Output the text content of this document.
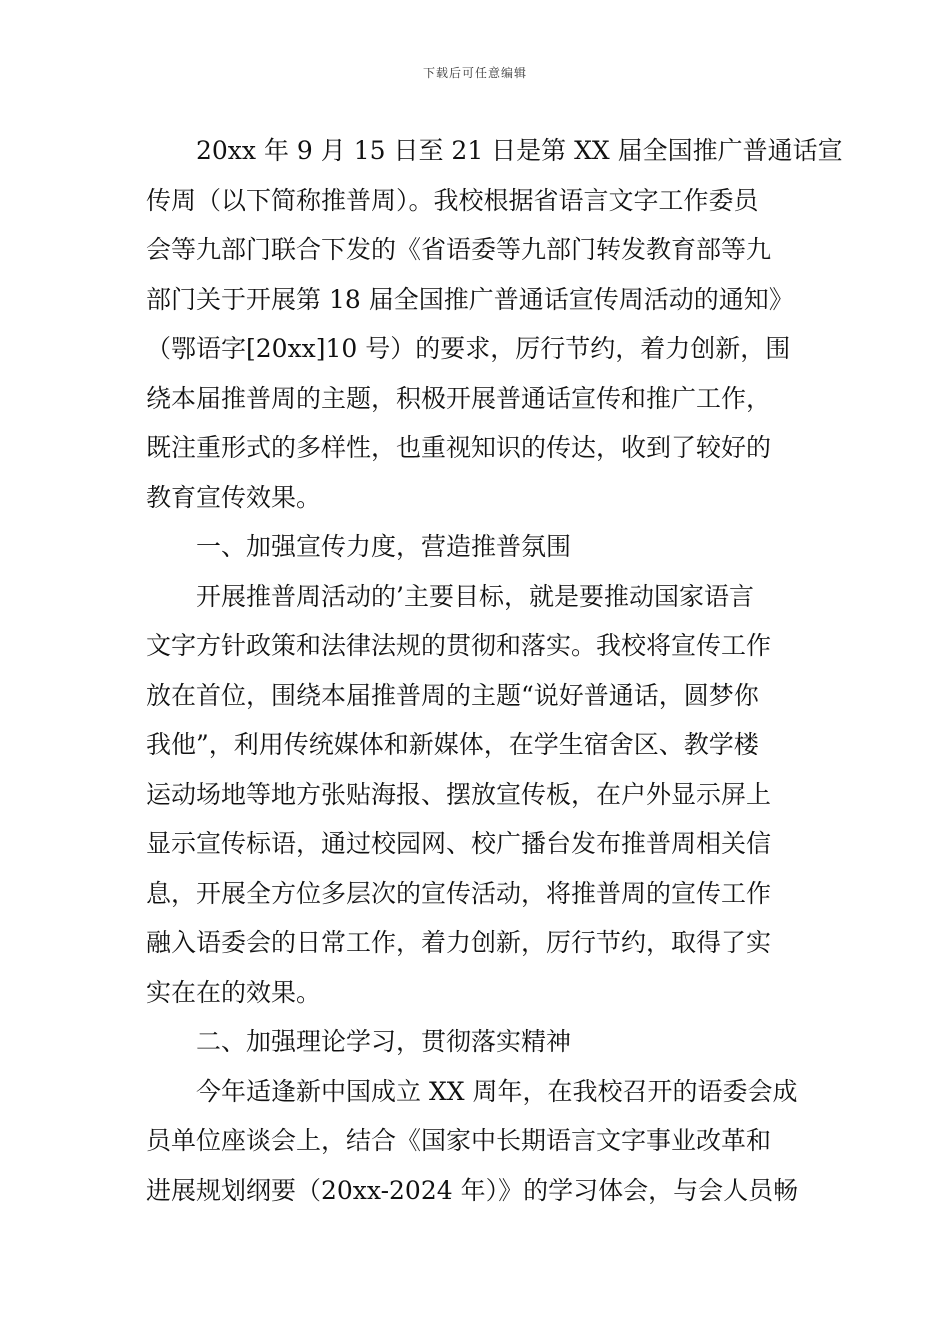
下载后可任意编辑
20xx 年 9 月 15 日至 21 日是第 XX 届全国推广普通话宣
传周（以下简称推普周）。我校根据省语言文字工作委员
会等九部门联合下发的《省语委等九部门转发教育部等九
部门关于开展第 18 届全国推广普通话宣传周活动的通知》
（鄂语字[20xx]10 号）的要求，厉行节约，着力创新，围
绕本届推普周的主题，积极开展普通话宣传和推广工作，
既注重形式的多样性，也重视知识的传达，收到了较好的
教育宣传效果。
一、加强宣传力度，营造推普氛围
开展推普周活动的’主要目标，就是要推动国家语言
文字方针政策和法律法规的贯彻和落实。我校将宣传工作
放在首位，围绕本届推普周的主题“说好普通话，圆梦你
我他”，利用传统媒体和新媒体，在学生宿舍区、教学楼
运动场地等地方张贴海报、摆放宣传板，在户外显示屏上
显示宣传标语，通过校园网、校广播台发布推普周相关信
息，开展全方位多层次的宣传活动，将推普周的宣传工作
融入语委会的日常工作，着力创新，厉行节约，取得了实
实在在的效果。
二、加强理论学习，贯彻落实精神
今年适逢新中国成立 XX 周年，在我校召开的语委会成
员单位座谈会上，结合《国家中长期语言文字事业改革和
进展规划纲要（20xx-2024 年）》的学习体会，与会人员畅
